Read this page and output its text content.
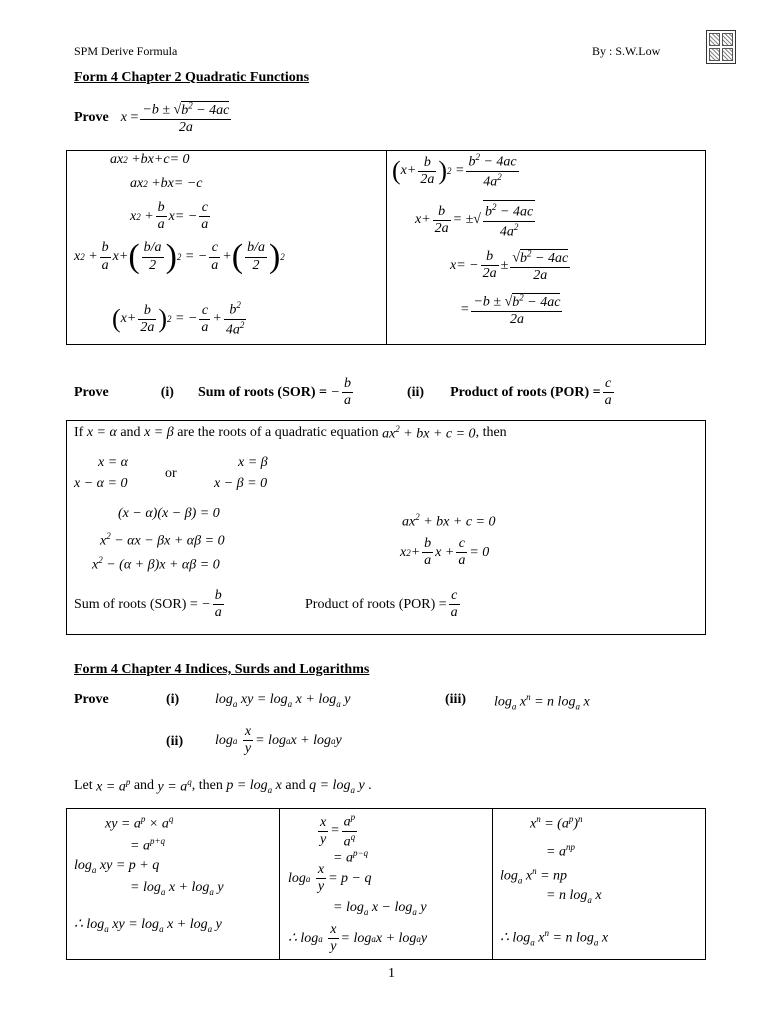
SPM Derive Formula	By : S.W.Low
Form 4 Chapter 2 Quadratic Functions
Prove $x = \frac{-b \pm √b^2 - 4ac}{2a}$
ax 2 + bx + c = 0
ax 2 + bx = − c
x $2 + \frac{b}{a}$ x = − $\frac{c}{a}$
x $2 + \frac{b}{a}$ x + ( $\frac{b/a}{2}$ ) 2 = − $\frac{c}{a}$ + ( $\frac{b/a}{2}$ ) 2
( $x + \frac{b}{2a}$ ) 2 = − $\frac{c}{a} + \frac{b^2}{4a^2}$
( $x + \frac{b}{2a}$ ) $2 = \frac{b^2 - 4ac}{4a^2}$
$x + \frac{b}{2a}$ = ±√ $\frac{b^2 - 4ac}{4a^2}$
x = − $\frac{b}{2a} \pm \frac{√b^2 - 4ac}{2a}$
= $\frac{-b \pm √b^2 - 4ac}{2a}$
Prove	(i) Sum of roots (SOR) = − $\frac{b}{a}$	(ii) Product of roots $(POR) = \frac{c}{a}$
If
x = α
and
x = β
are the roots of a quadratic equation
$ax^2$ + bx + c = 0 , then
x = α
x − α = 0
or
x = β
x − β = 0
(x − α)(x − β) = 0
$x^2 - \alpha x - \beta x + \alpha\beta = 0$
$x^2 - (\alpha + \beta)x + \alpha\beta = 0$
$ax^2$ + bx + c = 0
x $2 + \frac{b}{a}$ $x + \frac{c}{a} = 0$
Sum of roots (SOR) = − $\frac{b}{a}$	Product of roots $(POR) = \frac{c}{a}$
Form 4 Chapter 4 Indices, Surds and Logarithms
Prove	(i)	$\log_a$ xy = $\log_a x + \log_a y$	(iii) $\log_a x^n = n$ $\log_a x$
(ii) log a
$\frac{x}{y} = \log a$ x + log a y
Let
$x = a^p$
and
$y = a^q$ , then
$p = \log_a x$
and
$q = \log_a y$ .
xy = $a^p \times a^q$
= $a^{p+q}$
$\log_a$ xy = p + q
= $\log_a x + \log_a y$
∴ $\log_a$ xy = $\log_a x + \log_a y$
$\frac{x}{y} = \frac{a^p}{a^q}$
= $a^{p-q}$
log a
$\frac{x}{y} = p - q$
= $\log_a x - \log_a y$
∴ log a
$\frac{x}{y} = \log a$ x + log a y
$x^n = (a^p)^n$
= $a^{np}$
$\log_a x^n$ = np
= n $\log_a x$
∴ $\log_a x^n = n$ $\log_a x$
1
